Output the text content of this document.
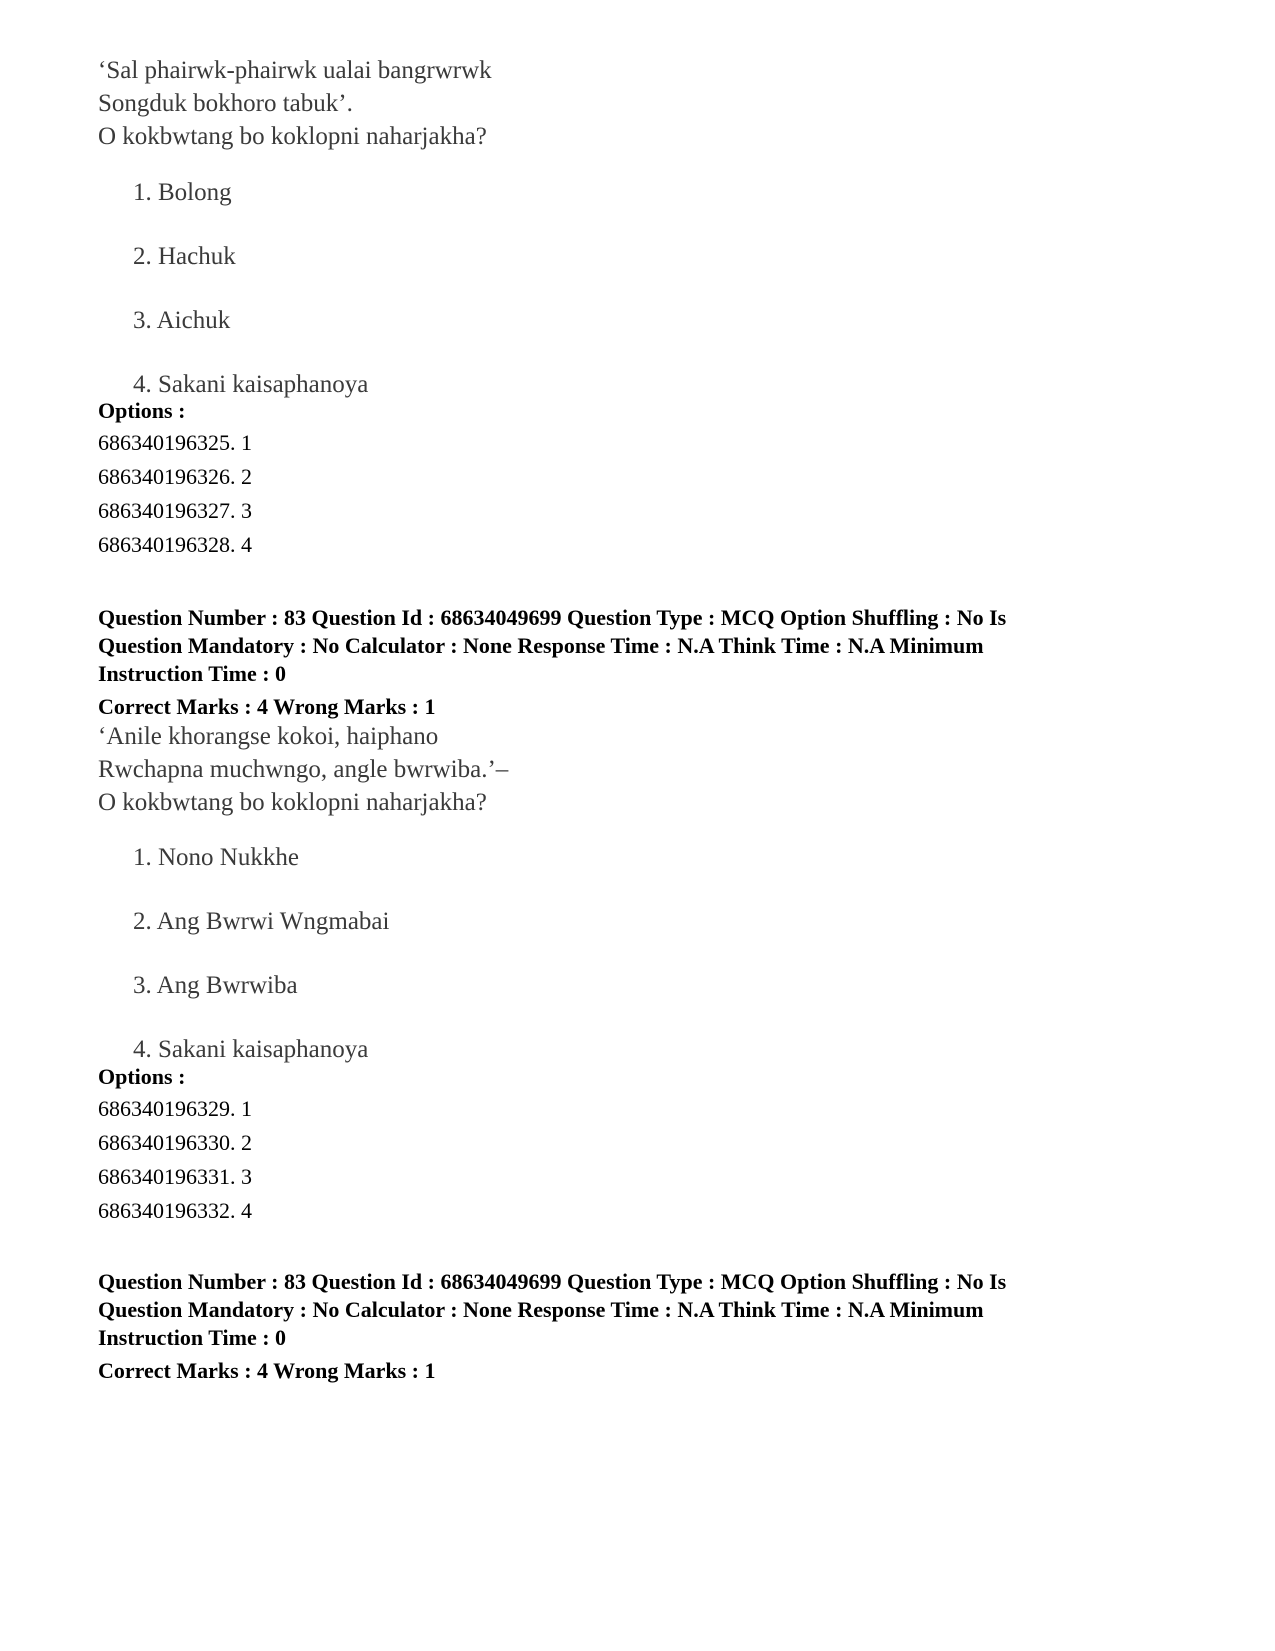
‘Sal phairwk-phairwk ualai bangrwrwk

Songduk bokhoro tabuk’.

O kokbwtang bo koklopni naharjakha?

1. Bolong
2. Hachuk
3. Aichuk
4. Sakani kaisaphanoya

Options :

686340196325. 1

686340196326. 2

686340196327. 3

686340196328. 4

Question Number : 83 Question Id : 68634049699 Question Type : MCQ Option Shuffling : No Is

Question Mandatory : No Calculator : None Response Time : N.A Think Time : N.A Minimum

Instruction Time : 0

Correct Marks : 4 Wrong Marks : 1

‘Anile khorangse kokoi, haiphano

Rwchapna muchwngo, angle bwrwiba.’–

O kokbwtang bo koklopni naharjakha?

1. Nono Nukkhe
2. Ang Bwrwi Wngmabai
3. Ang Bwrwiba
4. Sakani kaisaphanoya

Options :

686340196329. 1

686340196330. 2

686340196331. 3

686340196332. 4

Question Number : 83 Question Id : 68634049699 Question Type : MCQ Option Shuffling : No Is

Question Mandatory : No Calculator : None Response Time : N.A Think Time : N.A Minimum

Instruction Time : 0

Correct Marks : 4 Wrong Marks : 1
